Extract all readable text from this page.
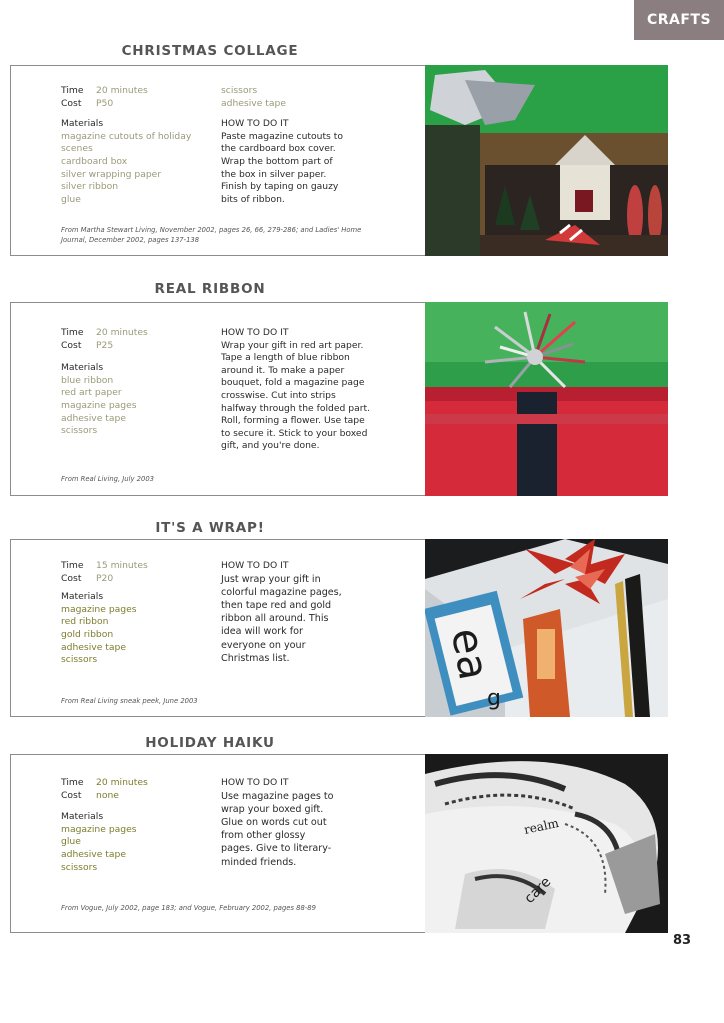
CRAFTS
CHRISTMAS COLLAGE
Time	20 minutes
Cost	P50
Materials
magazine cutouts of holiday
scenes
cardboard box
silver wrapping paper
silver ribbon
glue
scissors
adhesive tape
HOW TO DO IT
Paste magazine cutouts to
the cardboard box cover.
Wrap the bottom part of
the box in silver paper.
Finish by taping on gauzy
bits of ribbon.
From Martha Stewart Living, November 2002, pages 26, 66, 279-286; and Ladies' Home Journal, December 2002, pages 137-138
REAL RIBBON
Time	20 minutes
Cost	P25
Materials
blue ribbon
red art paper
magazine pages
adhesive tape
scissors
HOW TO DO IT
Wrap your gift in red art paper.
Tape a length of blue ribbon
around it. To make a paper
bouquet, fold a magazine page
crosswise. Cut into strips
halfway through the folded part.
Roll, forming a flower. Use tape
to secure it. Stick to your boxed
gift, and you're done.
From Real Living, July 2003
IT'S A WRAP!
Time	15 minutes
Cost	P20
Materials
magazine pages
red ribbon
gold ribbon
adhesive tape
scissors
HOW TO DO IT
Just wrap your gift in
colorful magazine pages,
then tape red and gold
ribbon all around. This
idea will work for
everyone on your
Christmas list.
From Real Living sneak peek, June 2003
ea
g
HOLIDAY HAIKU
Time	20 minutes
Cost	none
Materials
magazine pages
glue
adhesive tape
scissors
HOW TO DO IT
Use magazine pages to
wrap your boxed gift.
Glue on words cut out
from other glossy
pages. Give to literary-
minded friends.
From Vogue, July 2002, page 183; and Vogue, February 2002, pages 88-89
realm
care
83
